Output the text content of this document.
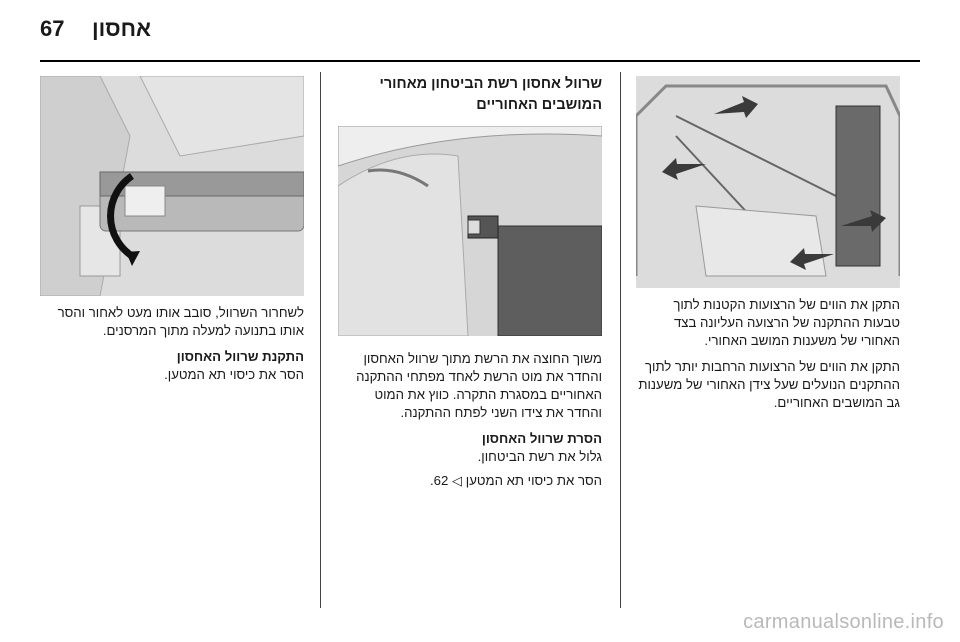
67 אחסון

לשחרור השרוול, סובב אותו מעט לאחור והסר אותו בתנועה למעלה מתוך המרסנים.

התקנת שרוול האחסון

הסר את כיסוי תא המטען.

שרוול אחסון רשת הביטחון מאחורי המושבים האחוריים

משוך החוצה את הרשת מתוך שרוול האחסון והחדר את מוט הרשת לאחד מפתחי ההתקנה האחוריים במסגרת התקרה. כווץ את המוט והחדר את צידו השני לפתח ההתקנה.

הסרת שרוול האחסון

גלול את רשת הביטחון.

הסר את כיסוי תא המטען ◁ 62.

התקן את הווים של הרצועות הקטנות לתוך טבעות ההתקנה של הרצועה העליונה בצד האחורי של משענות המושב האחורי.

התקן את הווים של הרצועות הרחבות יותר לתוך ההתקנים הנועלים שעל צידן האחורי של משענות גב המושבים האחוריים.

carmanualsonline.info
